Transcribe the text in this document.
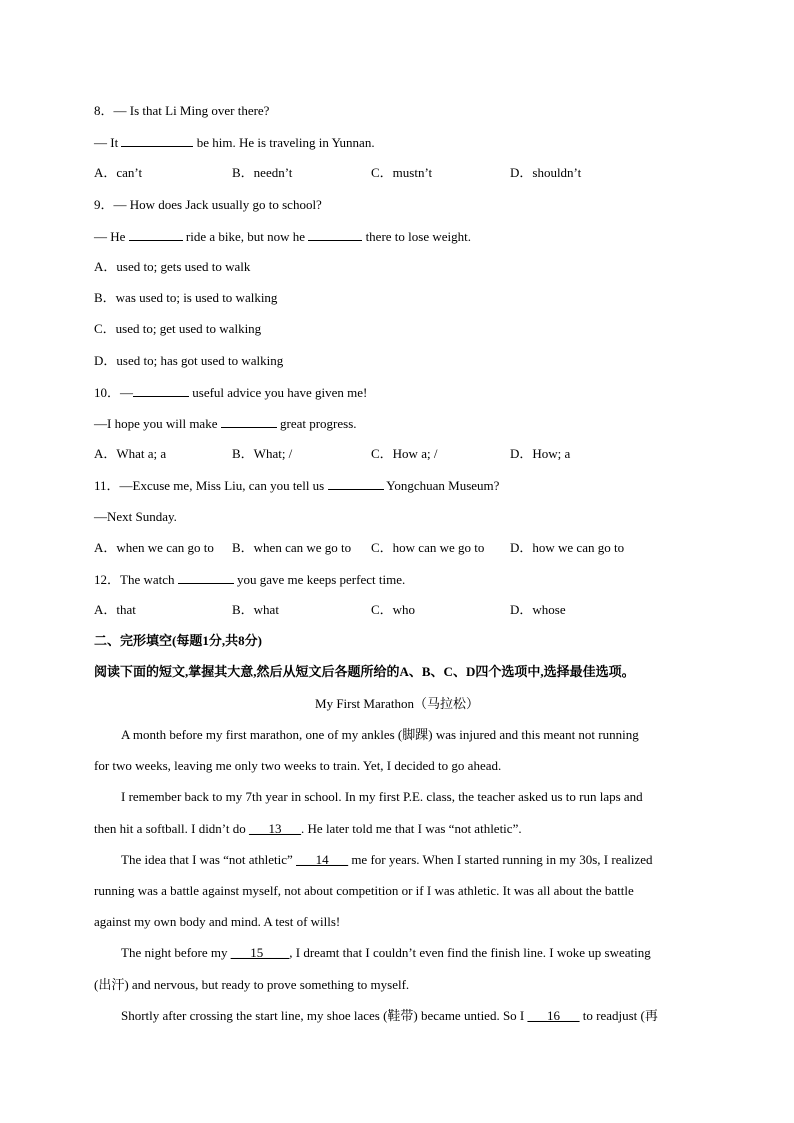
8．— Is that Li Ming over there?
— It	be him. He is traveling in Yunnan.
A．can’t	B．needn’t	C．mustn’t	D．shouldn’t
9．— How does Jack usually go to school?
— He	ride a bike, but now he	there to lose weight.
A．used to; gets used to walk
B．was used to; is used to walking
C．used to; get used to walking
D．used to; has got used to walking
10．—	useful advice you have given me!
—I hope you will make	great progress.
A．What a; a	B．What; /	C．How a; /	D．How; a
11．—Excuse me, Miss Liu, can you tell us	Yongchuan Museum?
—Next Sunday.
A．when we can go to B．when can we go to C．how can we go to D．how we can go to
12．The watch	you gave me keeps perfect time.
A．that	B．what	C．who	D．whose
二、完形填空(每题1分,共8分)
阅读下面的短文,掌握其大意,然后从短文后各题所给的A、B、C、D四个选项中,选择最佳选项。
My First Marathon（马拉松）
A month before my first marathon, one of my ankles (脚踝) was injured and this meant not running
for two weeks, leaving me only two weeks to train. Yet, I decided to go ahead.
I remember back to my 7th year in school. In my first P.E. class, the teacher asked us to run laps and
then hit a softball. I didn’t do ___13___. He later told me that I was “not athletic”.
The idea that I was “not athletic” ___14___ me for years. When I started running in my 30s, I realized
running was a battle against myself, not about competition or if I was athletic. It was all about the battle
against my own body and mind. A test of wills!
The night before my ___15____, I dreamt that I couldn’t even find the finish line. I woke up sweating
(出汗) and nervous, but ready to prove something to myself.
Shortly after crossing the start line, my shoe laces (鞋带) became untied. So I ___16___ to readjust (再
